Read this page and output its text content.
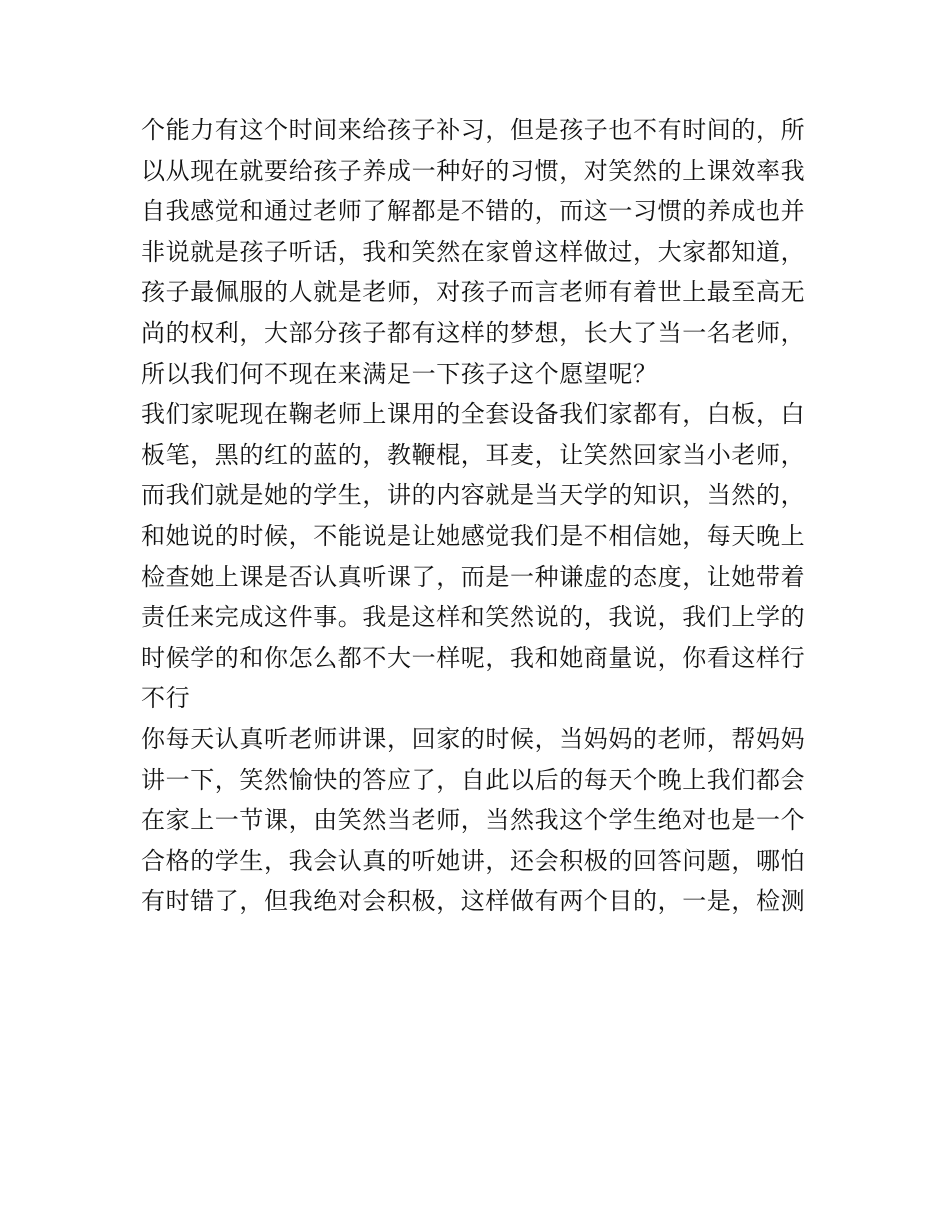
个能力有这个时间来给孩子补习，但是孩子也不有时间的，所
以从现在就要给孩子养成一种好的习惯，对笑然的上课效率我
自我感觉和通过老师了解都是不错的，而这一习惯的养成也并
非说就是孩子听话，我和笑然在家曾这样做过，大家都知道，
孩子最佩服的人就是老师，对孩子而言老师有着世上最至高无
尚的权利，大部分孩子都有这样的梦想，长大了当一名老师，
所以我们何不现在来满足一下孩子这个愿望呢？
我们家呢现在鞠老师上课用的全套设备我们家都有，白板，白
板笔，黑的红的蓝的，教鞭棍，耳麦，让笑然回家当小老师，
而我们就是她的学生，讲的内容就是当天学的知识，当然的，
和她说的时候，不能说是让她感觉我们是不相信她，每天晚上
检查她上课是否认真听课了，而是一种谦虚的态度，让她带着
责任来完成这件事。我是这样和笑然说的，我说，我们上学的
时候学的和你怎么都不大一样呢，我和她商量说，你看这样行
不行
你每天认真听老师讲课，回家的时候，当妈妈的老师，帮妈妈
讲一下，笑然愉快的答应了，自此以后的每天个晚上我们都会
在家上一节课，由笑然当老师，当然我这个学生绝对也是一个
合格的学生，我会认真的听她讲，还会积极的回答问题，哪怕
有时错了，但我绝对会积极，这样做有两个目的，一是，检测
